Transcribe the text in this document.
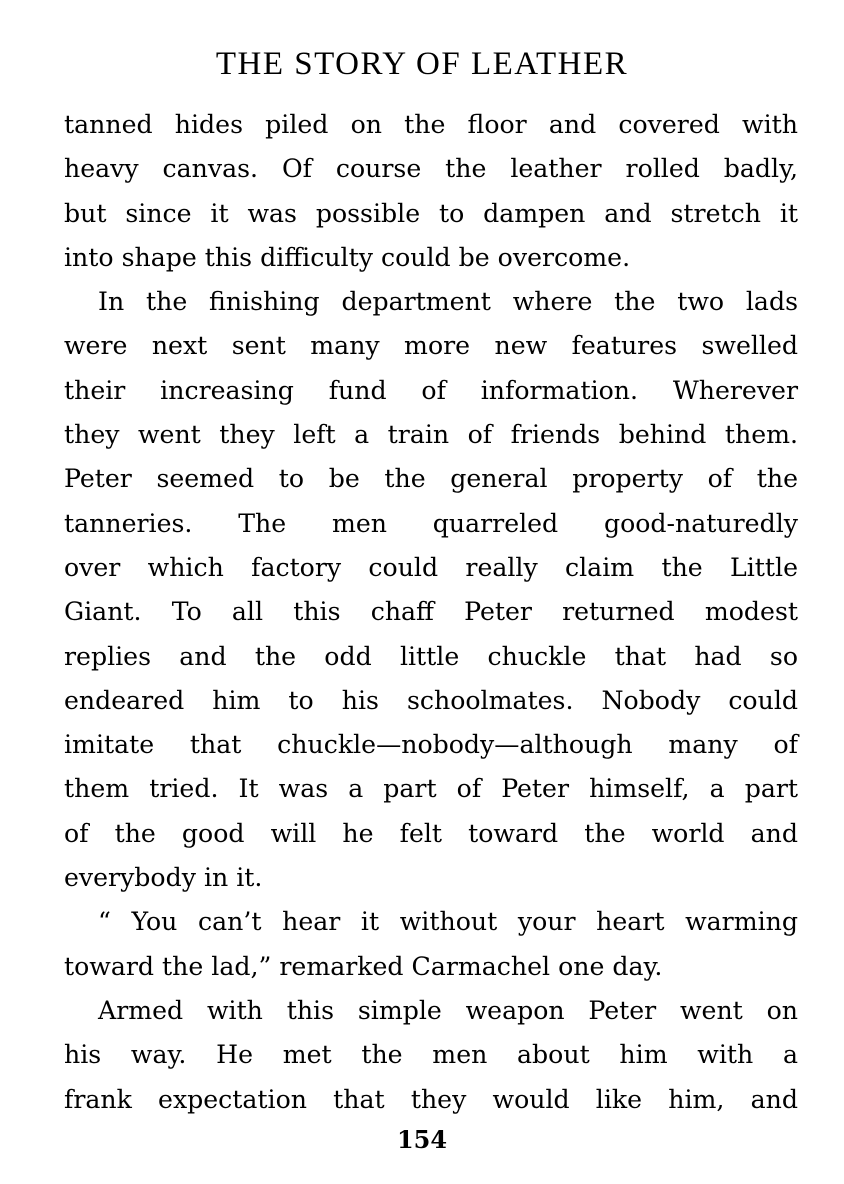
THE STORY OF LEATHER
tanned hides piled on the floor and covered with
heavy canvas. Of course the leather rolled badly,
but since it was possible to dampen and stretch it
into shape this difficulty could be overcome.
In the finishing department where the two lads
were next sent many more new features swelled
their increasing fund of information. Wherever
they went they left a train of friends behind them.
Peter seemed to be the general property of the
tanneries. The men quarreled good-naturedly
over which factory could really claim the Little
Giant. To all this chaff Peter returned modest
replies and the odd little chuckle that had so
endeared him to his schoolmates. Nobody could
imitate that chuckle—nobody—although many of
them tried. It was a part of Peter himself, a part
of the good will he felt toward the world and
everybody in it.
“ You can’t hear it without your heart warming
toward the lad,” remarked Carmachel one day.
Armed with this simple weapon Peter went on
his way. He met the men about him with a
frank expectation that they would like him, and
154
